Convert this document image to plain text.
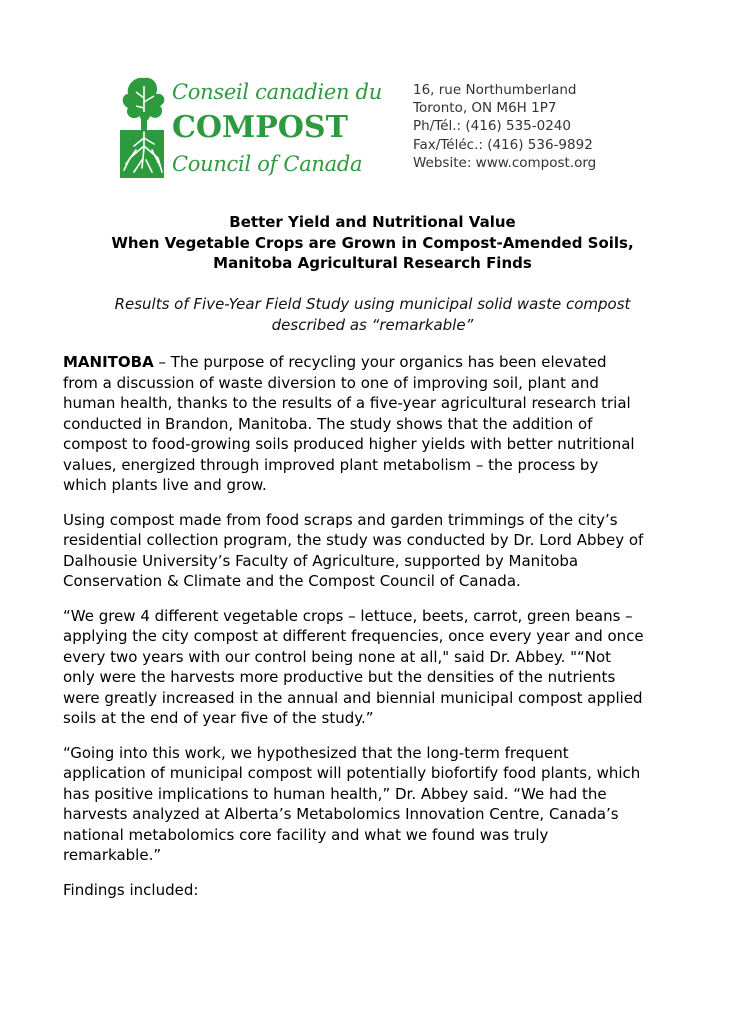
Conseil canadien du
COMPOST
Council of Canada
16, rue Northumberland
Toronto, ON M6H 1P7
Ph/Tél.: (416) 535-0240
Fax/Téléc.: (416) 536-9892
Website: www.compost.org
Better Yield and Nutritional Value
When Vegetable Crops are Grown in Compost-Amended Soils,
Manitoba Agricultural Research Finds
Results of Five-Year Field Study using municipal solid waste compost
described as “remarkable”

MANITOBA – The purpose of recycling your organics has been elevated
from a discussion of waste diversion to one of improving soil, plant and
human health, thanks to the results of a five-year agricultural research trial
conducted in Brandon, Manitoba. The study shows that the addition of
compost to food-growing soils produced higher yields with better nutritional
values, energized through improved plant metabolism – the process by
which plants live and grow.

Using compost made from food scraps and garden trimmings of the city’s
residential collection program, the study was conducted by Dr. Lord Abbey of
Dalhousie University’s Faculty of Agriculture, supported by Manitoba
Conservation & Climate and the Compost Council of Canada.

“We grew 4 different vegetable crops – lettuce, beets, carrot, green beans –
applying the city compost at different frequencies, once every year and once
every two years with our control being none at all," said Dr. Abbey. "“Not
only were the harvests more productive but the densities of the nutrients
were greatly increased in the annual and biennial municipal compost applied
soils at the end of year five of the study.”

“Going into this work, we hypothesized that the long-term frequent
application of municipal compost will potentially biofortify food plants, which
has positive implications to human health,” Dr. Abbey said. “We had the
harvests analyzed at Alberta’s Metabolomics Innovation Centre, Canada’s
national metabolomics core facility and what we found was truly
remarkable.”

Findings included:
